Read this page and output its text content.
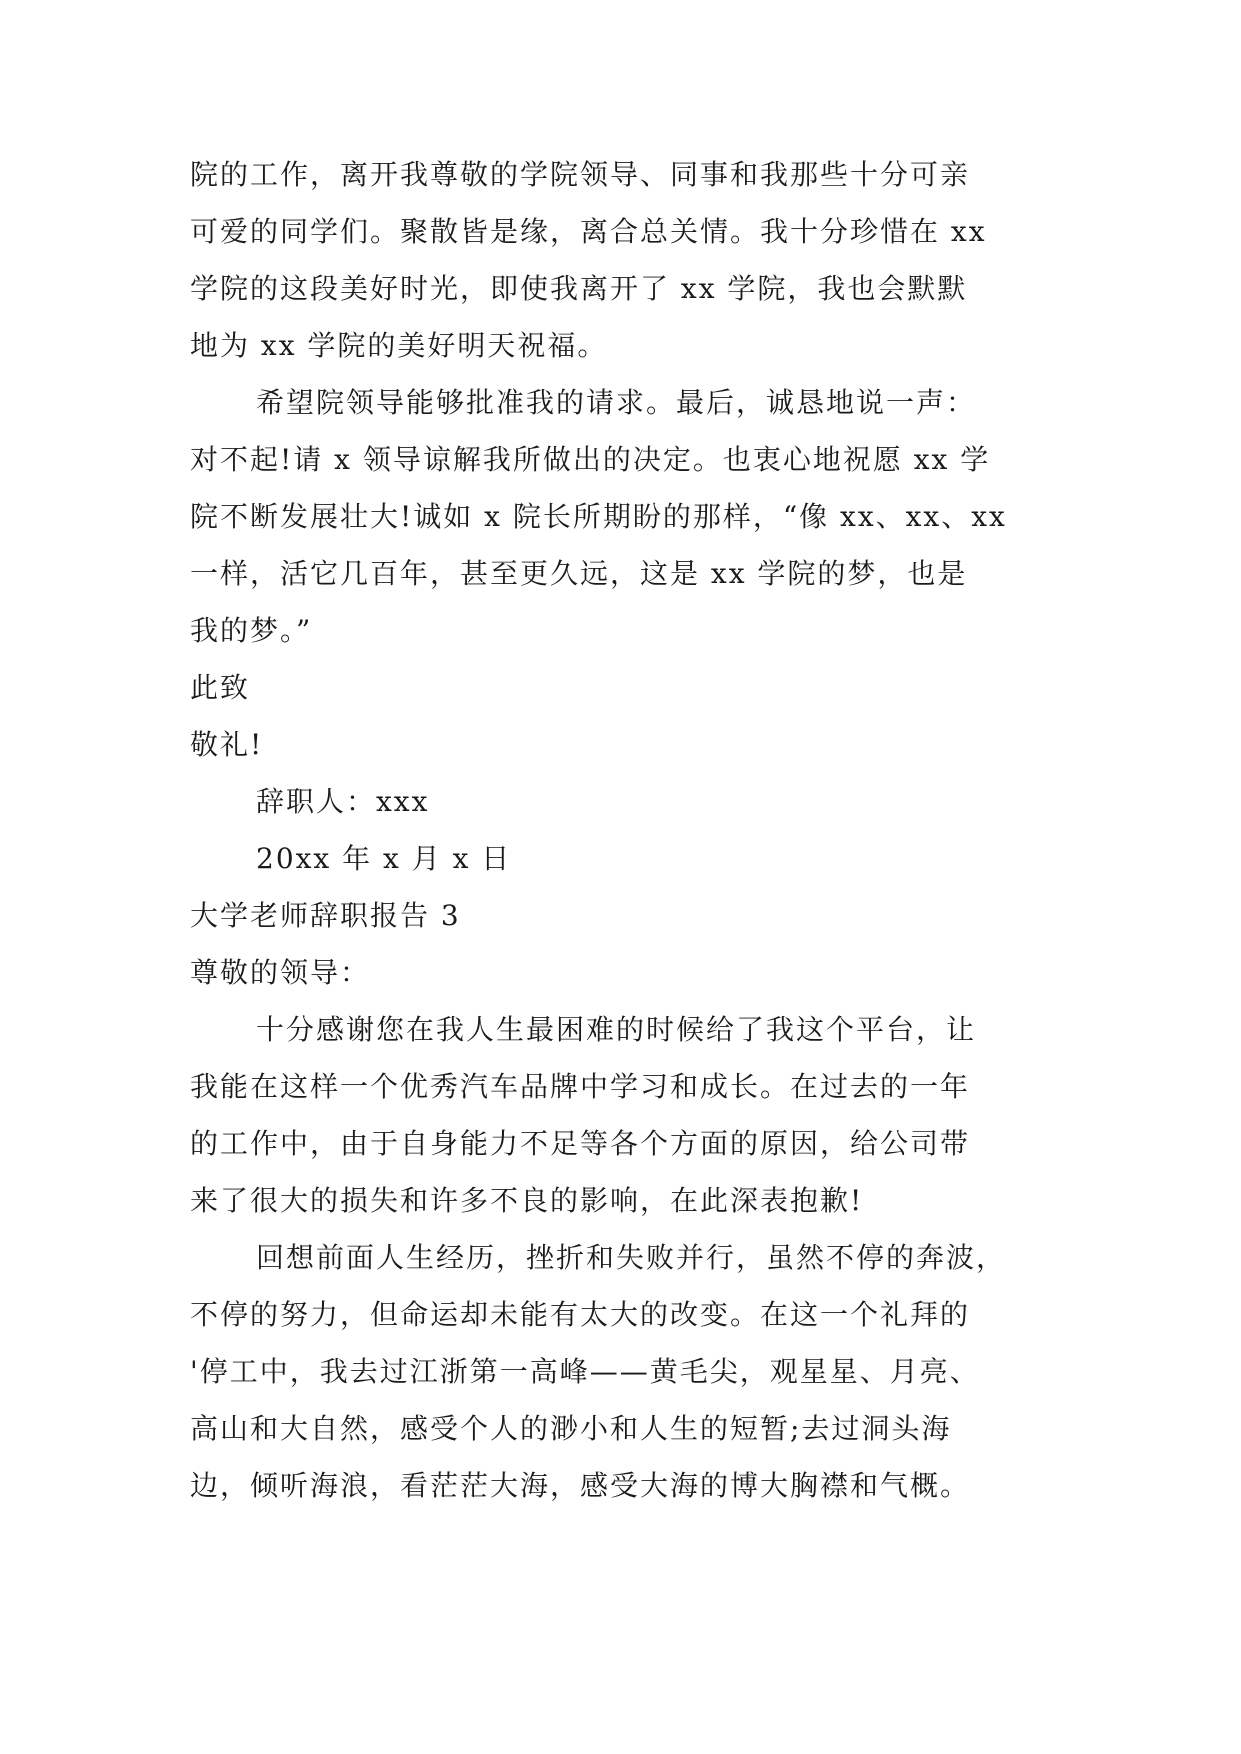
院的工作，离开我尊敬的学院领导、同事和我那些十分可亲
可爱的同学们。聚散皆是缘，离合总关情。我十分珍惜在 xx
学院的这段美好时光，即使我离开了 xx 学院，我也会默默
地为 xx 学院的美好明天祝福。
希望院领导能够批准我的请求。最后，诚恳地说一声：
对不起!请 x 领导谅解我所做出的决定。也衷心地祝愿 xx 学
院不断发展壮大!诚如 x 院长所期盼的那样，“像 xx、xx、xx
一样，活它几百年，甚至更久远，这是 xx 学院的梦，也是
我的梦。”
此致
敬礼!
辞职人：xxx
20xx 年 x 月 x 日
大学老师辞职报告 3
尊敬的领导：
十分感谢您在我人生最困难的时候给了我这个平台，让
我能在这样一个优秀汽车品牌中学习和成长。在过去的一年
的工作中，由于自身能力不足等各个方面的原因，给公司带
来了很大的损失和许多不良的影响，在此深表抱歉!
回想前面人生经历，挫折和失败并行，虽然不停的奔波，
不停的努力，但命运却未能有太大的改变。在这一个礼拜的
'停工中，我去过江浙第一高峰——黄毛尖，观星星、月亮、
高山和大自然，感受个人的渺小和人生的短暂;去过洞头海
边，倾听海浪，看茫茫大海，感受大海的博大胸襟和气概。
